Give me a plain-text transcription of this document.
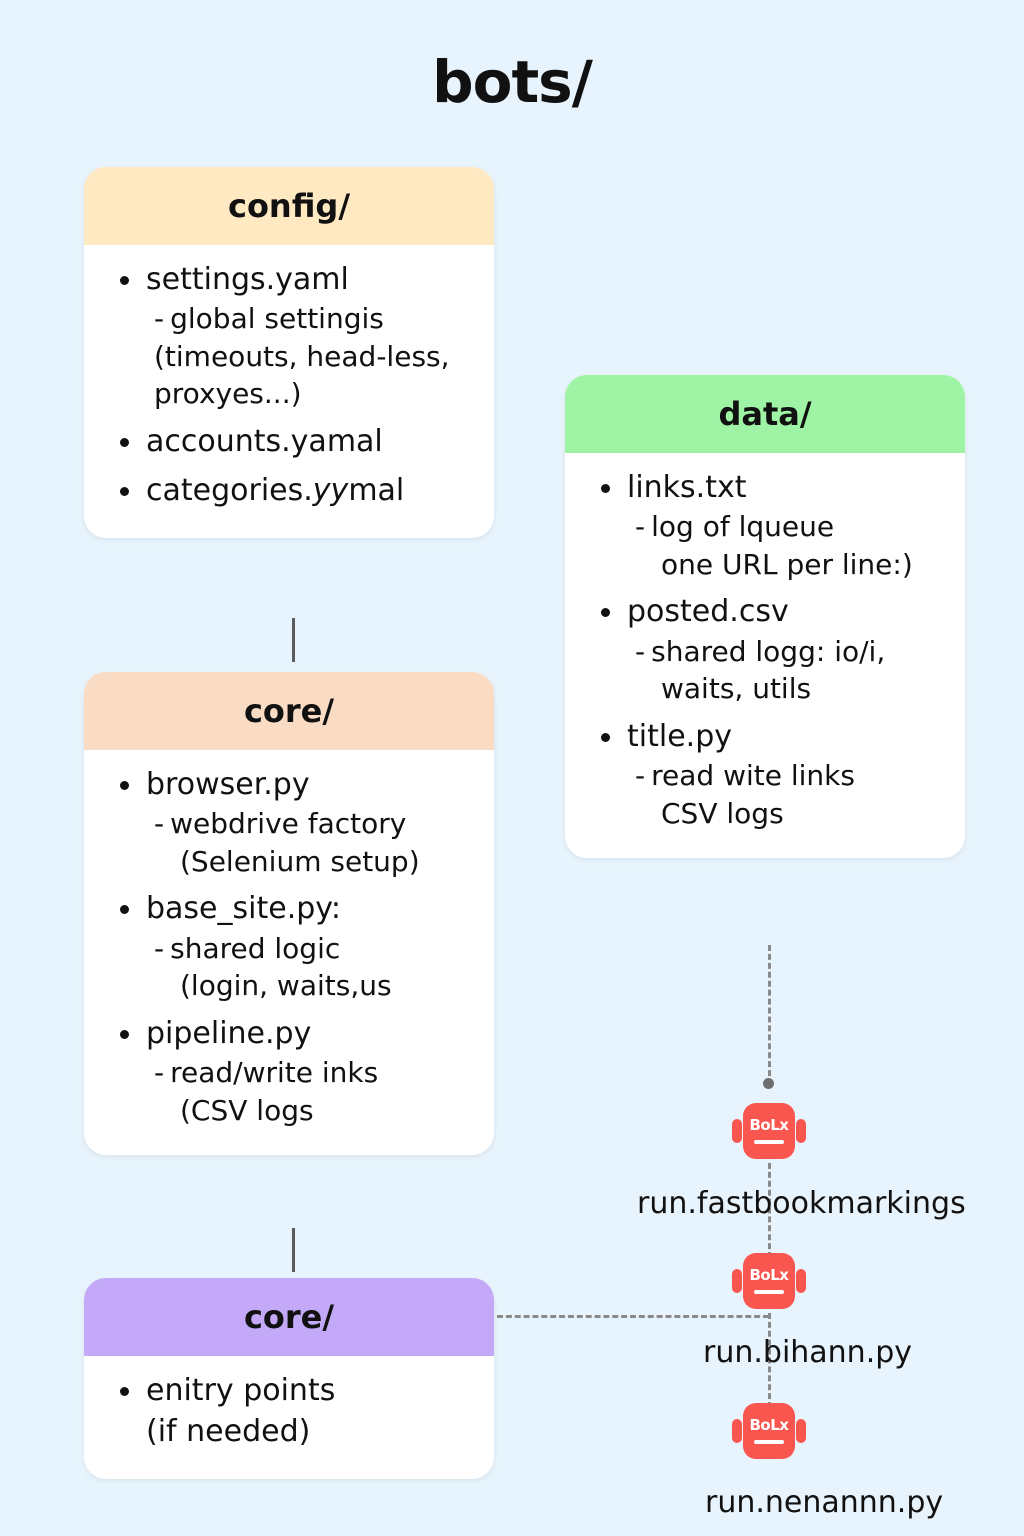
bots/
config/
settings.yaml
- global settingis (timeouts, head-less, proxyes...)
accounts.yamal
categories.yymal
core/
browser.py
- webdrive factory
(Selenium setup)
base_site.py:
- shared logic
(login, waits,us
pipeline.py
- read/write inks
(CSV logs
data/
links.txt
- log of lqueue
one URL per line:)
posted.csv
- shared logg: io/i,
waits, utils
title.py
- read wite links
CSV logs
core/
enitry points
(if needed)
BoLx
run.fastbookmarkings
BoLx
run.bihann.py
BoLx
run.nenannn.py
